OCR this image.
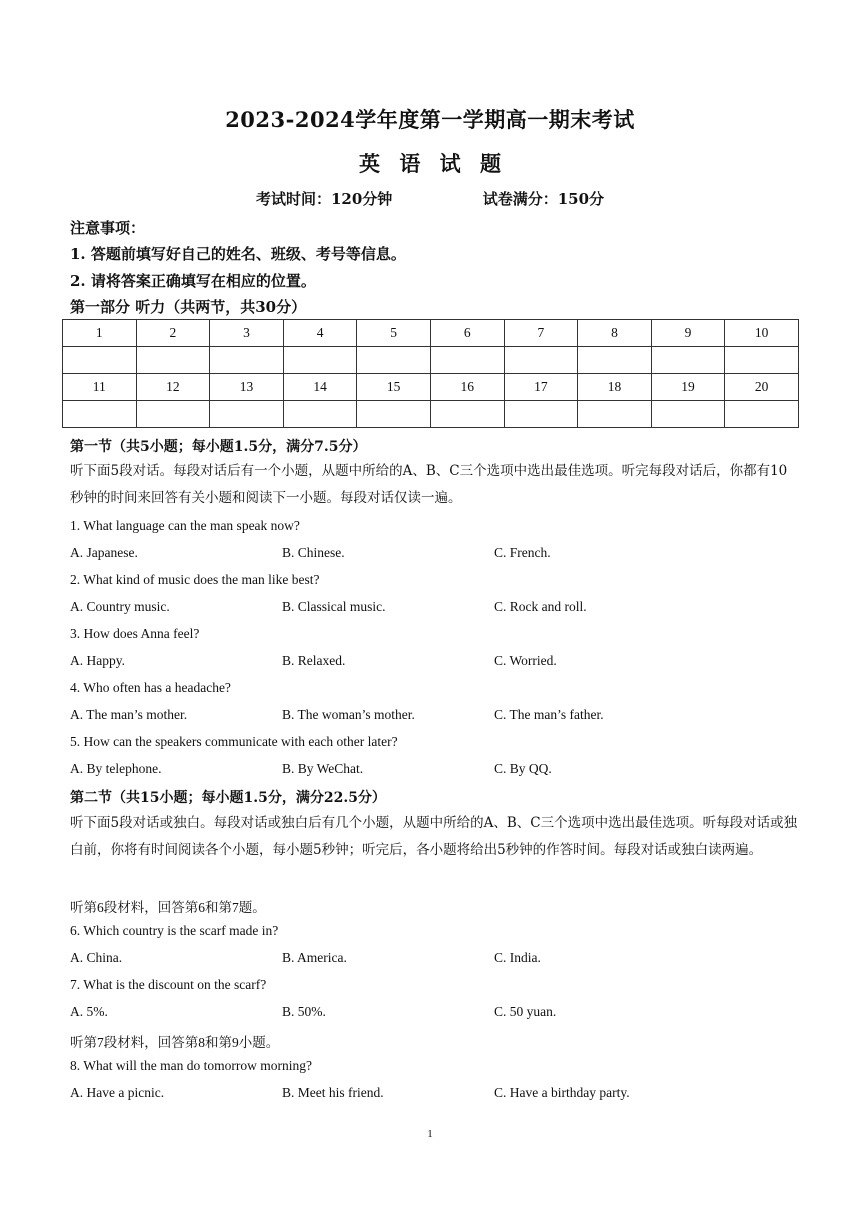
2023-2024学年度第一学期高一期末考试
英 语 试 题
考试时间：120分钟	试卷满分：150分
注意事项：
1. 答题前填写好自己的姓名、班级、考号等信息。
2. 请将答案正确填写在相应的位置。
第一部分 听力（共两节，共30分）
1	2	3	4	5	6	7	8	9	10

11	12	13	14	15	16	17	18	19	20

第一节（共5小题；每小题1.5分，满分7.5分）
听下面5段对话。每段对话后有一个小题，从题中所给的A、B、C三个选项中选出最佳选项。听完每段对话后，你都有10秒钟的时间来回答有关小题和阅读下一小题。每段对话仅读一遍。
1. What language can the man speak now?
A. Japanese.	B. Chinese.	C. French.
2. What kind of music does the man like best?
A. Country music.	B. Classical music.	C. Rock and roll.
3. How does Anna feel?
A. Happy.	B. Relaxed.	C. Worried.
4. Who often has a headache?
A. The man’s mother.	B. The woman’s mother.	C. The man’s father.
5. How can the speakers communicate with each other later?
A. By telephone.	B. By WeChat.	C. By QQ.
第二节（共15小题；每小题1.5分，满分22.5分）
听下面5段对话或独白。每段对话或独白后有几个小题，从题中所给的A、B、C三个选项中选出最佳选项。听每段对话或独白前，你将有时间阅读各个小题，每小题5秒钟；听完后，各小题将给出5秒钟的作答时间。每段对话或独白读两遍。
听第6段材料，回答第6和第7题。
6. Which country is the scarf made in?
A. China.	B. America.	C. India.
7. What is the discount on the scarf?
A. 5%.	B. 50%.	C. 50 yuan.
听第7段材料，回答第8和第9小题。
8. What will the man do tomorrow morning?
A. Have a picnic.	B. Meet his friend.	C. Have a birthday party.
1
